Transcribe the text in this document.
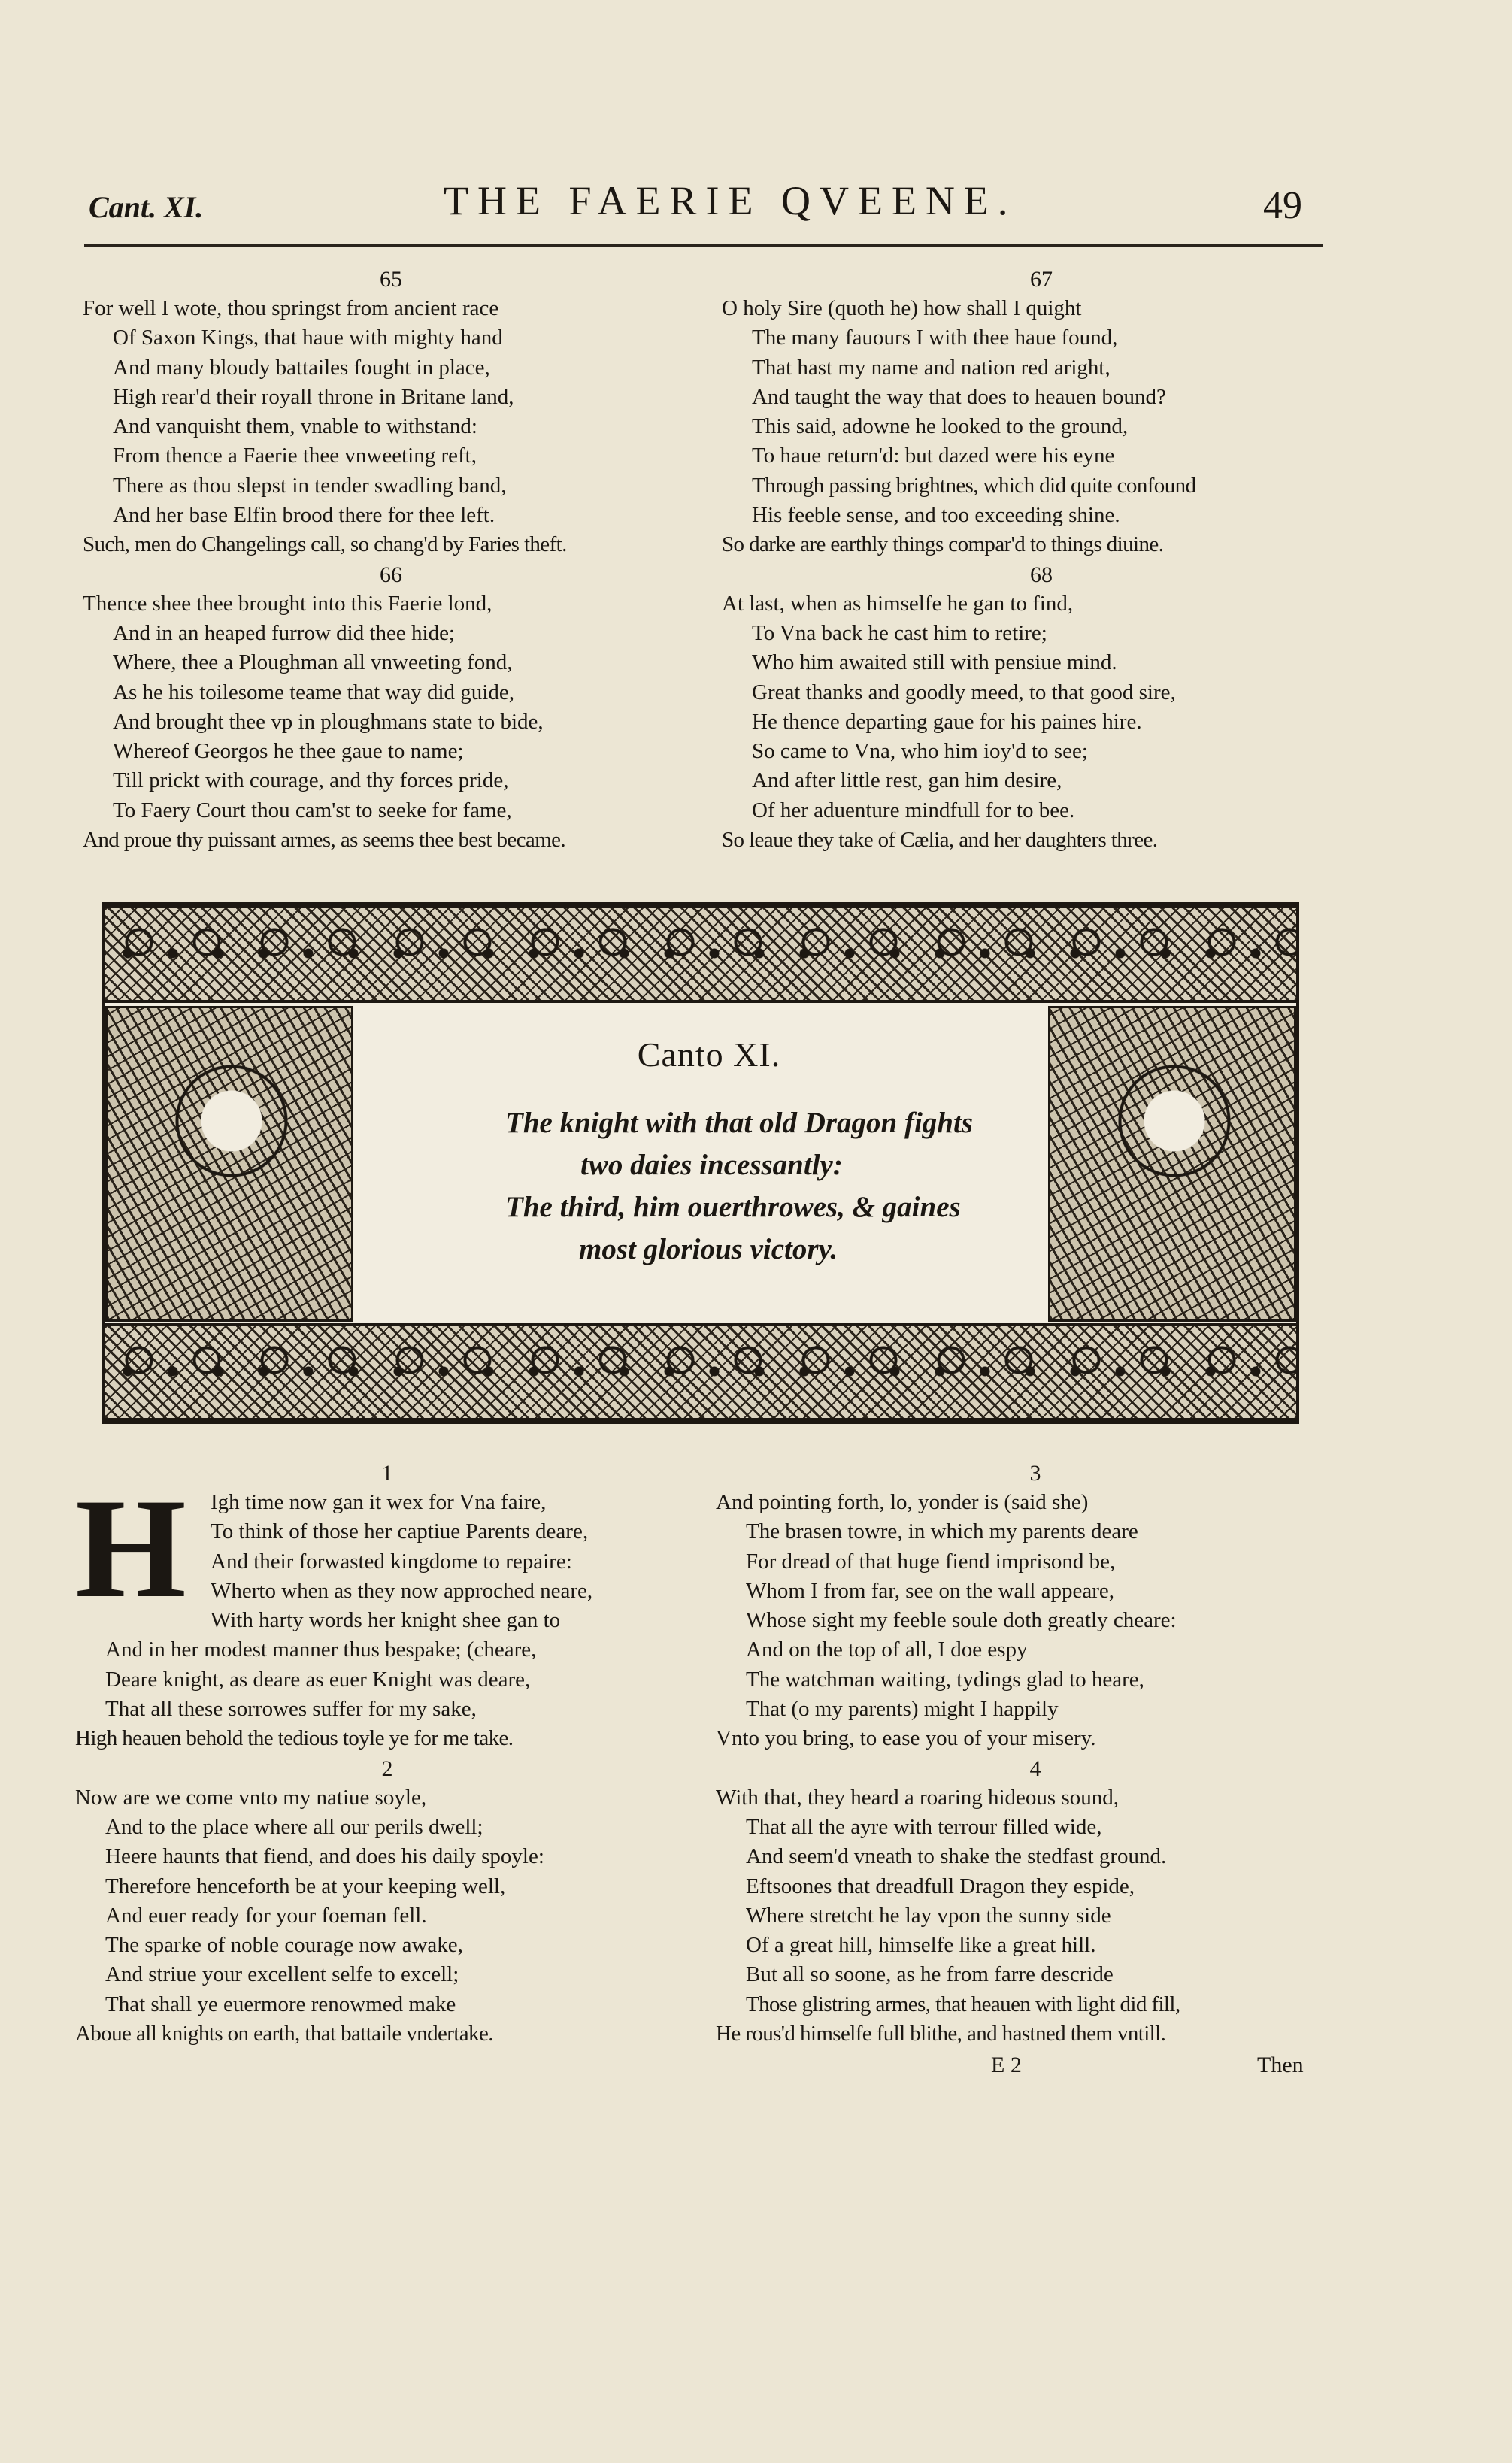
Cant. XI.	THE FAERIE QVEENE.	49
65
For well I wote, thou springst from ancient race
Of Saxon Kings, that haue with mighty hand
And many bloudy battailes fought in place,
High rear'd their royall throne in Britane land,
And vanquisht them, vnable to withstand:
From thence a Faerie thee vnweeting reft,
There as thou slepst in tender swadling band,
And her base Elfin brood there for thee left.
Such, men do Changelings call, so chang'd by Faries theft.
66
Thence shee thee brought into this Faerie lond,
And in an heaped furrow did thee hide;
Where, thee a Ploughman all vnweeting fond,
As he his toilesome teame that way did guide,
And brought thee vp in ploughmans state to bide,
Whereof Georgos he thee gaue to name;
Till prickt with courage, and thy forces pride,
To Faery Court thou cam'st to seeke for fame,
And proue thy puissant armes, as seems thee best became.
67
O holy Sire (quoth he) how shall I quight
The many fauours I with thee haue found,
That hast my name and nation red aright,
And taught the way that does to heauen bound?
This said, adowne he looked to the ground,
To haue return'd: but dazed were his eyne
Through passing brightnes, which did quite confound
His feeble sense, and too exceeding shine.
So darke are earthly things compar'd to things diuine.
68
At last, when as himselfe he gan to find,
To Vna back he cast him to retire;
Who him awaited still with pensiue mind.
Great thanks and goodly meed, to that good sire,
He thence departing gaue for his paines hire.
So came to Vna, who him ioy'd to see;
And after little rest, gan him desire,
Of her aduenture mindfull for to bee.
So leaue they take of Cælia, and her daughters three.
Canto XI.
The knight with that old Dragon fights
two daies incessantly:
The third, him ouerthrowes, & gaines
most glorious victory.
H	1
Igh time now gan it wex for Vna faire,
To think of those her captiue Parents deare,
And their forwasted kingdome to repaire:
Wherto when as they now approched neare,
With harty words her knight shee gan to
And in her modest manner thus bespake; (cheare,
Deare knight, as deare as euer Knight was deare,
That all these sorrowes suffer for my sake,
High heauen behold the tedious toyle ye for me take.
2
Now are we come vnto my natiue soyle,
And to the place where all our perils dwell;
Heere haunts that fiend, and does his daily spoyle:
Therefore henceforth be at your keeping well,
And euer ready for your foeman fell.
The sparke of noble courage now awake,
And striue your excellent selfe to excell;
That shall ye euermore renowmed make
Aboue all knights on earth, that battaile vndertake.
3
And pointing forth, lo, yonder is (said she)
The brasen towre, in which my parents deare
For dread of that huge fiend imprisond be,
Whom I from far, see on the wall appeare,
Whose sight my feeble soule doth greatly cheare:
And on the top of all, I doe espy
The watchman waiting, tydings glad to heare,
That (o my parents) might I happily
Vnto you bring, to ease you of your misery.
4
With that, they heard a roaring hideous sound,
That all the ayre with terrour filled wide,
And seem'd vneath to shake the stedfast ground.
Eftsoones that dreadfull Dragon they espide,
Where stretcht he lay vpon the sunny side
Of a great hill, himselfe like a great hill.
But all so soone, as he from farre descride
Those glistring armes, that heauen with light did fill,
He rous'd himselfe full blithe, and hastned them vntill.
E 2	Then
